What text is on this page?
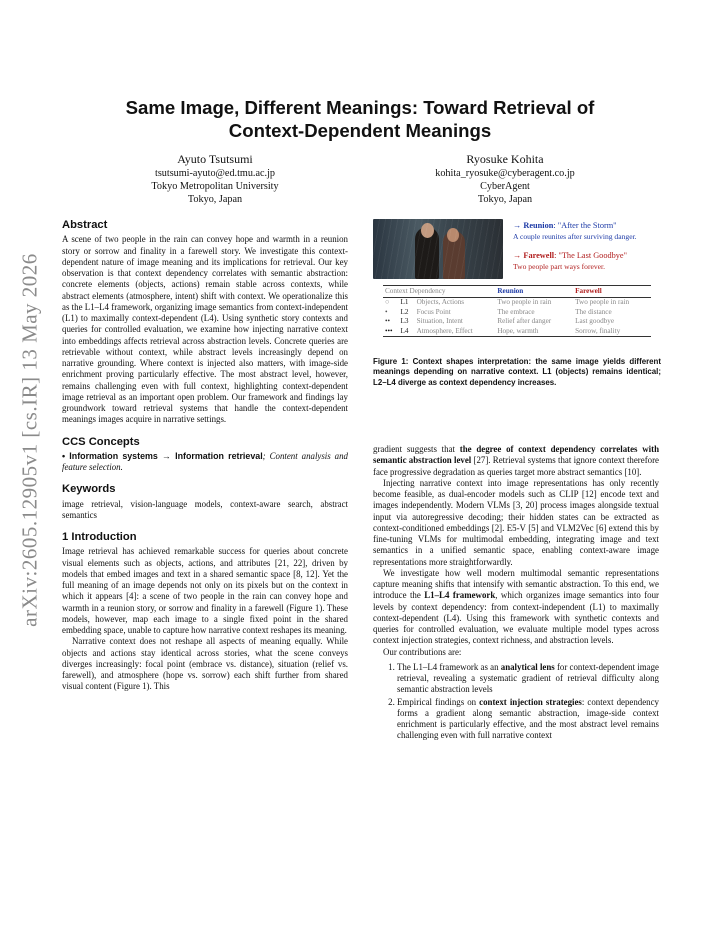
arXiv:2605.12905v1 [cs.IR] 13 May 2026
Same Image, Different Meanings: Toward Retrieval of
Context-Dependent Meanings
Ayuto Tsutsumi
tsutsumi-ayuto@ed.tmu.ac.jp
Tokyo Metropolitan University
Tokyo, Japan
Ryosuke Kohita
kohita_ryosuke@cyberagent.co.jp
CyberAgent
Tokyo, Japan
Abstract

A scene of two people in the rain can convey hope and warmth in a reunion story or sorrow and finality in a farewell story. We investigate this context-dependent nature of image meaning and its implications for retrieval. Our key observation is that context dependency correlates with semantic abstraction: concrete elements (objects, actions) remain stable across contexts, while abstract elements (atmosphere, intent) shift with context. We operationalize this as the L1–L4 framework, organizing image semantics from context-independent (L1) to maximally context-dependent (L4). Using synthetic story contexts and queries for controlled evaluation, we examine how injecting narrative context into embeddings affects retrieval across abstraction levels. Concrete queries are retrievable without context, while abstract levels increasingly depend on narrative grounding. Where context is injected also matters, with image-side enrichment proving particularly effective. The most abstract level, however, remains challenging even with full context, highlighting context-dependent image retrieval as an important open problem. Our framework and findings lay groundwork toward retrieval systems that handle the context-dependent meanings images acquire in narrative settings.

CCS Concepts

• Information systems → Information retrieval; Content analysis and feature selection.

Keywords

image retrieval, vision-language models, context-aware search, abstract semantics

1 Introduction

Image retrieval has achieved remarkable success for queries about concrete visual elements such as objects, actions, and attributes [21, 22], driven by models that embed images and text in a shared semantic space [8, 12]. Yet the full meaning of an image depends not only on its pixels but on the context in which it appears [4]: a scene of two people in the rain can convey hope and warmth in a reunion story, or sorrow and finality in a farewell (Figure 1). These models, however, map each image to a single fixed point in the shared embedding space, unable to capture how narrative context reshapes its meaning.

Narrative context does not reshape all aspects of meaning equally. While objects and actions stay identical across stories, what the scene conveys diverges increasingly: focal point (embrace vs. distance), situation (relief vs. farewell), and atmosphere (hope vs. sorrow) each shift further from shared visual content (Figure 1). This

→ Reunion: "After the Storm"
A couple reunites after surviving danger.
→ Farewell: "The Last Goodbye"
Two people part ways forever.
Context Dependency			Reunion	Farewell
○	L1	Objects, Actions	Two people in rain	Two people in rain
•	L2	Focus Point	The embrace	The distance
••	L3	Situation, Intent	Relief after danger	Last goodbye
•••	L4	Atmosphere, Effect	Hope, warmth	Sorrow, finality

Figure 1: Context shapes interpretation: the same image yields different meanings depending on narrative context. L1 (objects) remains identical; L2–L4 diverge as context dependency increases.

gradient suggests that the degree of context dependency correlates with semantic abstraction level [27]. Retrieval systems that ignore context therefore face progressive degradation as queries target more abstract semantics [10].

Injecting narrative context into image representations has only recently become feasible, as dual-encoder models such as CLIP [12] encode text and images independently. Modern VLMs [3, 20] process images alongside textual input via autoregressive decoding; their hidden states can be extracted as context-conditioned embeddings [2]. E5-V [5] and VLM2Vec [6] extend this by fine-tuning VLMs for multimodal embedding, integrating image and text semantics in a unified semantic space, enabling context-aware image representations more straightforwardly.

We investigate how well modern multimodal semantic representations capture meaning shifts that intensify with semantic abstraction. To this end, we introduce the L1–L4 framework, which organizes image semantics into four levels by context dependency: from context-independent (L1) to maximally context-dependent (L4). Using this framework with synthetic contexts and queries for controlled evaluation, we evaluate multiple model types across context injection strategies, context richness, and abstraction levels.

Our contributions are:

1. The L1–L4 framework as an analytical lens for context-dependent image retrieval, revealing a systematic gradient of retrieval difficulty along semantic abstraction levels
2. Empirical findings on context injection strategies: context dependency forms a gradient along semantic abstraction, image-side context enrichment is particularly effective, and the most abstract level remains challenging even with full narrative context
